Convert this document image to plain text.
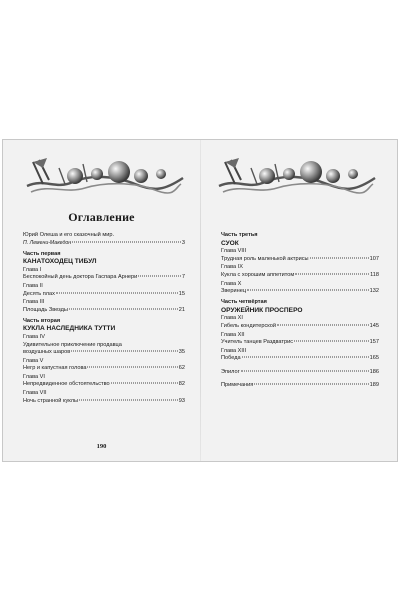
Оглавление
Юрий Олеша и его сказочный мир.
П. Лемени-Македон	3
Часть первая
КАНАТОХОДЕЦ ТИБУЛ
Глава I
Беспокойный день доктора Гаспара Арнери	7
Глава II
Десять плах	15
Глава III
Площадь Звезды	21
Часть вторая
КУКЛА НАСЛЕДНИКА ТУТТИ
Глава IV
Удивительное приключение продавца
воздушных шаров	35
Глава V
Негр и капустная голова	62
Глава VI
Непредвиденное обстоятельство	82
Глава VII
Ночь странной куклы	93
190
Часть третья
СУОК
Глава VIII
Трудная роль маленькой актрисы	107
Глава IX
Кукла с хорошим аппетитом	118
Глава X
Зверинец	132
Часть четвёртая
ОРУЖЕЙНИК ПРОСПЕРО
Глава XI
Гибель кондитерской	145
Глава XII
Учитель танцев Раздватрис	157
Глава XIII
Победа	165
Эпилог	186
Примечания	189
